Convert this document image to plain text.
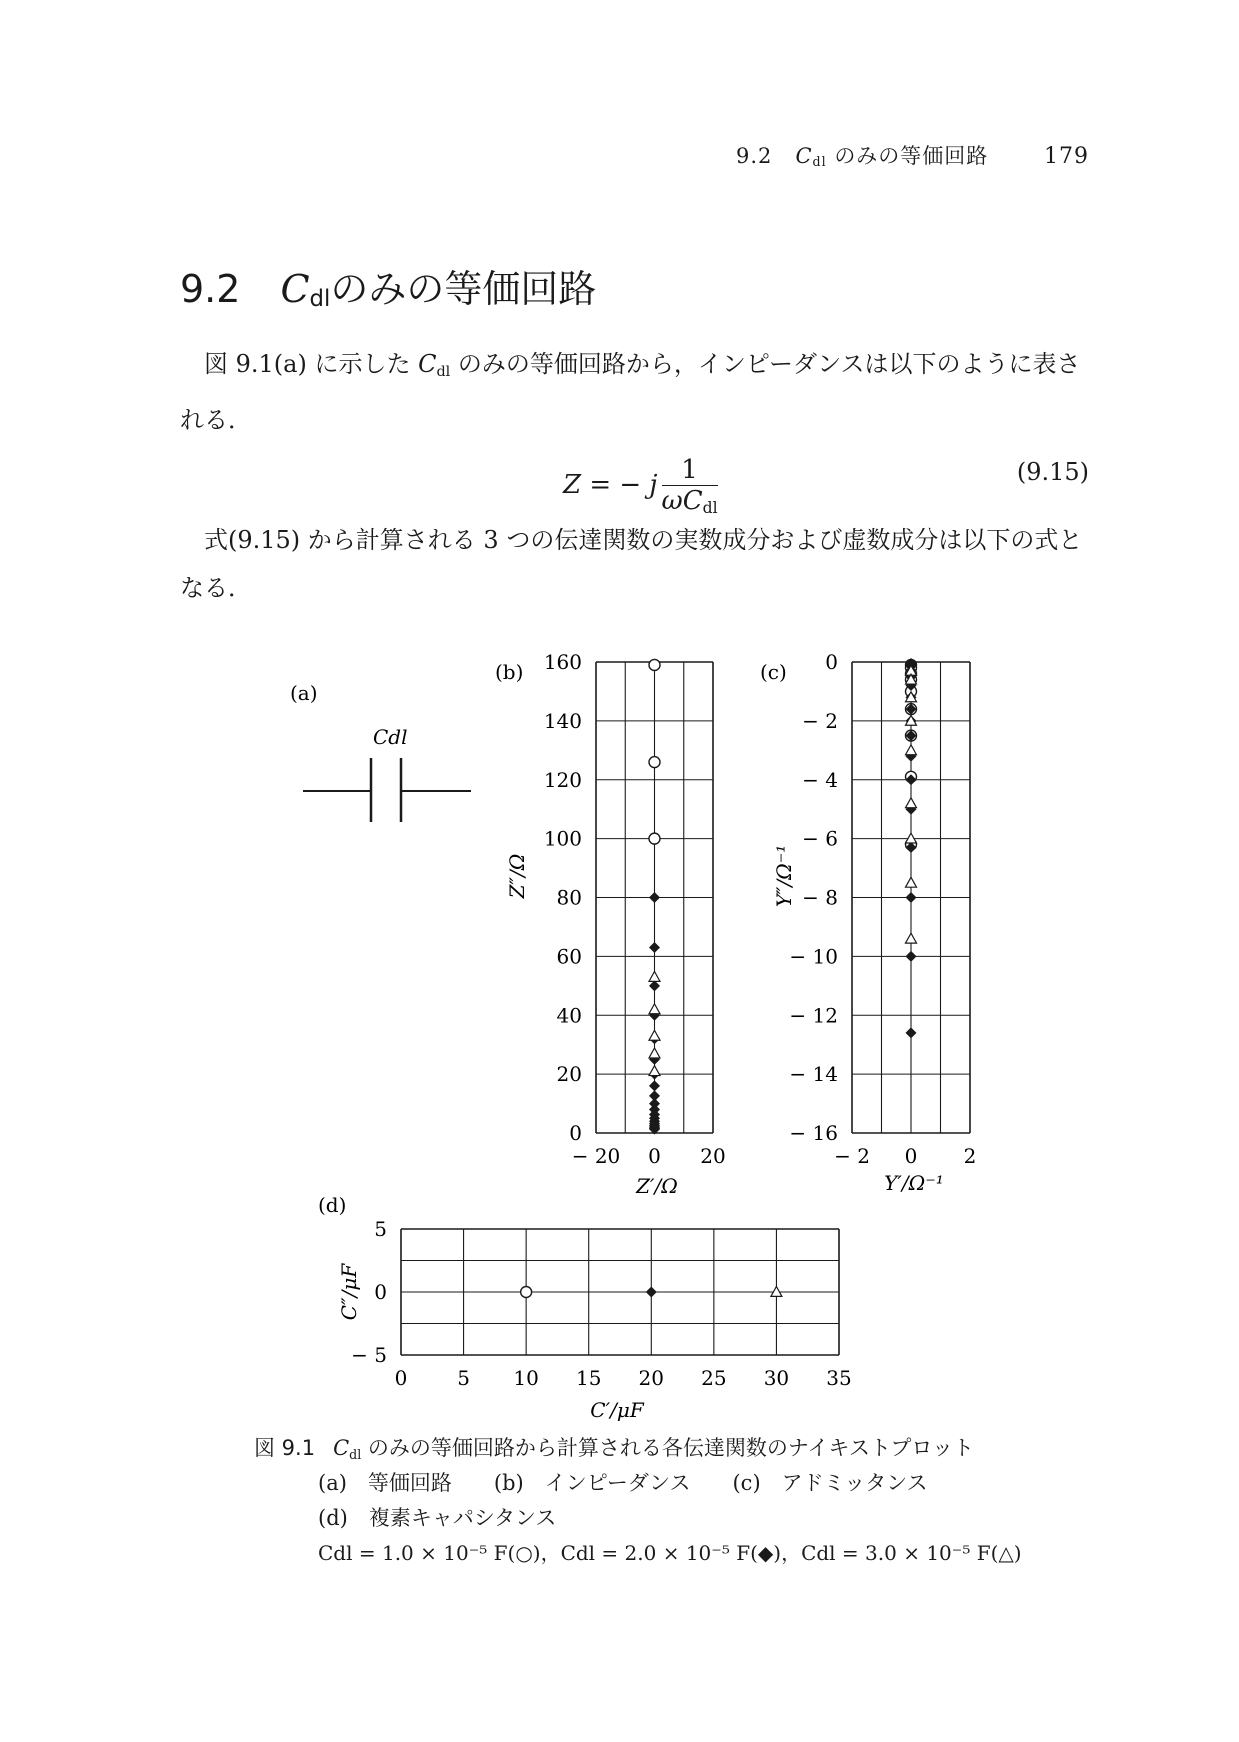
9.2 $C_{dl}$ のみの等価回路	179
9.2 $C_{dl}$のみの等価回路

図 9.1(a) に示した $C_{dl}$ のみの等価回路から，インピーダンスは以下のように表される．

Z = − j $\frac{1}{\omega C_{dl}}$	(9.15)

式(9.15) から計算される 3 つの伝達関数の実数成分および虚数成分は以下の式となる．

(a)
Cdl
(b)
− 20 0 20
0
20
40
60
80
100
120
140
160
Z′/Ω
Z″/Ω
(c)
− 2 0 2
0
− 2
− 4
− 6
− 8
− 10
− 12
− 14
− 16
Y′/Ω⁻¹
Y″/Ω⁻¹
(d)
0 5 10 15 20 25 30 35
5
0
− 5
C′/μF
C″/μF
図 9.1 $C_{dl}$ のみの等価回路から計算される各伝達関数のナイキストプロット
(a)　等価回路 (b)　インピーダンス (c)　アドミッタンス
(d)　複素キャパシタンス
Cdl = 1.0 × 10⁻⁵ F(○)，Cdl = 2.0 × 10⁻⁵ F(◆)，Cdl = 3.0 × 10⁻⁵ F(△)
